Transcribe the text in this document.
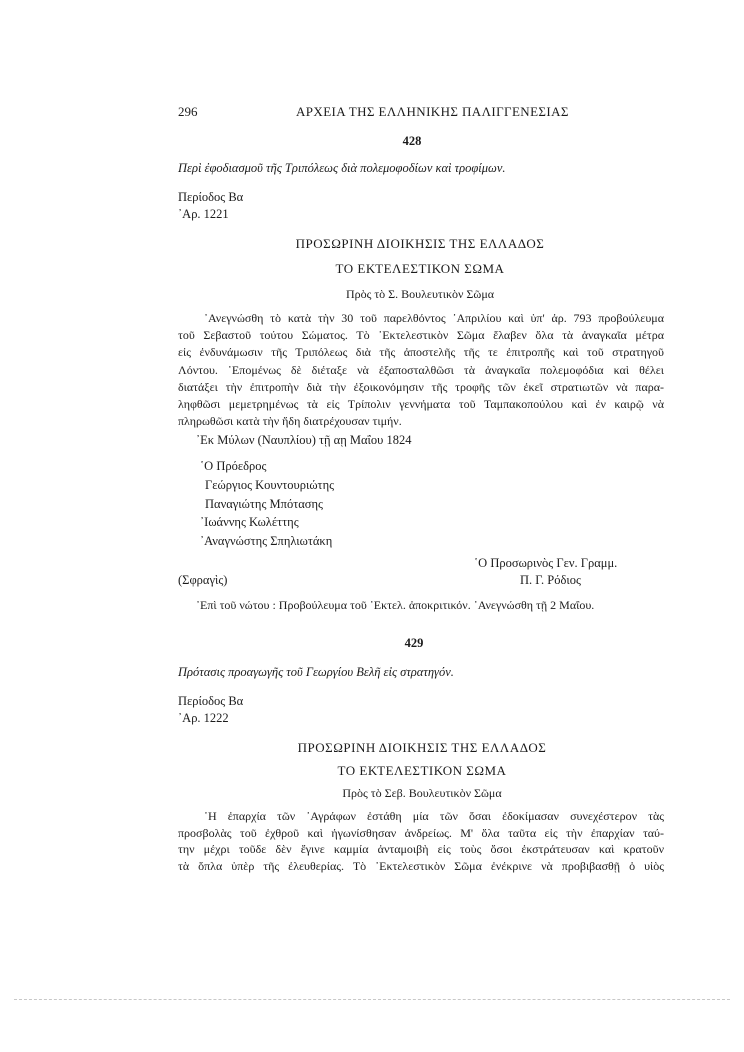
296	ΑΡΧΕΙΑ ΤΗΣ ΕΛΛΗΝΙΚΗΣ ΠΑΛΙΓΓΕΝΕΣΙΑΣ
428
Περὶ ἐφοδιασμοῦ τῆς Τριπόλεως διὰ πολεμοφοδίων καὶ τροφίμων.
Περίοδος Βα
᾿Αρ. 1221
ΠΡΟΣΩΡΙΝΗ ΔΙΟΙΚΗΣΙΣ ΤΗΣ ΕΛΛΑΔΟΣ
ΤΟ ΕΚΤΕΛΕΣΤΙΚΟΝ ΣΩΜΑ
Πρὸς τὸ Σ. Βουλευτικὸν Σῶμα
᾿Ανεγνώσθη τὸ κατὰ τὴν 30 τοῦ παρελθόντος ᾿Απριλίου καὶ ὑπ' ἀρ. 793 προβούλευμα
τοῦ Σεβαστοῦ τούτου Σώματος. Τὸ ᾿Εκτελεστικὸν Σῶμα ἔλαβεν ὅλα τὰ ἀναγκαῖα μέτρα
εἰς ἐνδυνάμωσιν τῆς Τριπόλεως διὰ τῆς ἀποστελῆς τῆς τε ἐπιτροπῆς καὶ τοῦ στρατηγοῦ
Λόντου. ῾Επομένως δὲ διέταξε νὰ ἐξαποσταλθῶσι τὰ ἀναγκαῖα πολεμοφόδια καὶ θέλει
διατάξει τὴν ἐπιτροπὴν διὰ τὴν ἐξοικονόμησιν τῆς τροφῆς τῶν ἐκεῖ στρατιωτῶν νὰ παρα-
ληφθῶσι μεμετρημένως τὰ εἰς Τρίπολιν γεννήματα τοῦ Ταμπακοπούλου καὶ ἐν καιρῷ νὰ
πληρωθῶσι κατὰ τὴν ἤδη διατρέχουσαν τιμήν.
᾿Εκ Μύλων (Ναυπλίου) τῇ αῃ Μαΐου 1824
῾Ο Πρόεδρος
Γεώργιος Κουντουριώτης
Παναγιώτης Μπότασης
᾿Ιωάννης Κωλέττης
᾿Αναγνώστης Σπηλιωτάκη
῾Ο Προσωρινὸς Γεν. Γραμμ.
Π. Γ. Ρόδιος
(Σφραγὶς)
᾿Επὶ τοῦ νώτου : Προβούλευμα τοῦ ᾿Εκτελ. ἀποκριτικόν. ᾿Ανεγνώσθη τῇ 2 Μαΐου.
429
Πρότασις προαγωγῆς τοῦ Γεωργίου Βελῆ εἰς στρατηγόν.
Περίοδος Βα
᾿Αρ. 1222
ΠΡΟΣΩΡΙΝΗ ΔΙΟΙΚΗΣΙΣ ΤΗΣ ΕΛΛΑΔΟΣ
ΤΟ ΕΚΤΕΛΕΣΤΙΚΟΝ ΣΩΜΑ
Πρὸς τὸ Σεβ. Βουλευτικὸν Σῶμα
῾Η ἐπαρχία τῶν ᾿Αγράφων ἐστάθη μία τῶν ὅσαι ἐδοκίμασαν συνεχέστερον τὰς
προσβολὰς τοῦ ἐχθροῦ καὶ ἠγωνίσθησαν ἀνδρείως. Μ' ὅλα ταῦτα εἰς τὴν ἐπαρχίαν ταύ-
την μέχρι τοῦδε δὲν ἔγινε καμμία ἀνταμοιβὴ εἰς τοὺς ὅσοι ἐκστράτευσαν καὶ κρατοῦν
τὰ ὅπλα ὑπὲρ τῆς ἐλευθερίας. Τὸ ᾿Εκτελεστικὸν Σῶμα ἐνέκρινε νὰ προβιβασθῇ ὁ υἱὸς
